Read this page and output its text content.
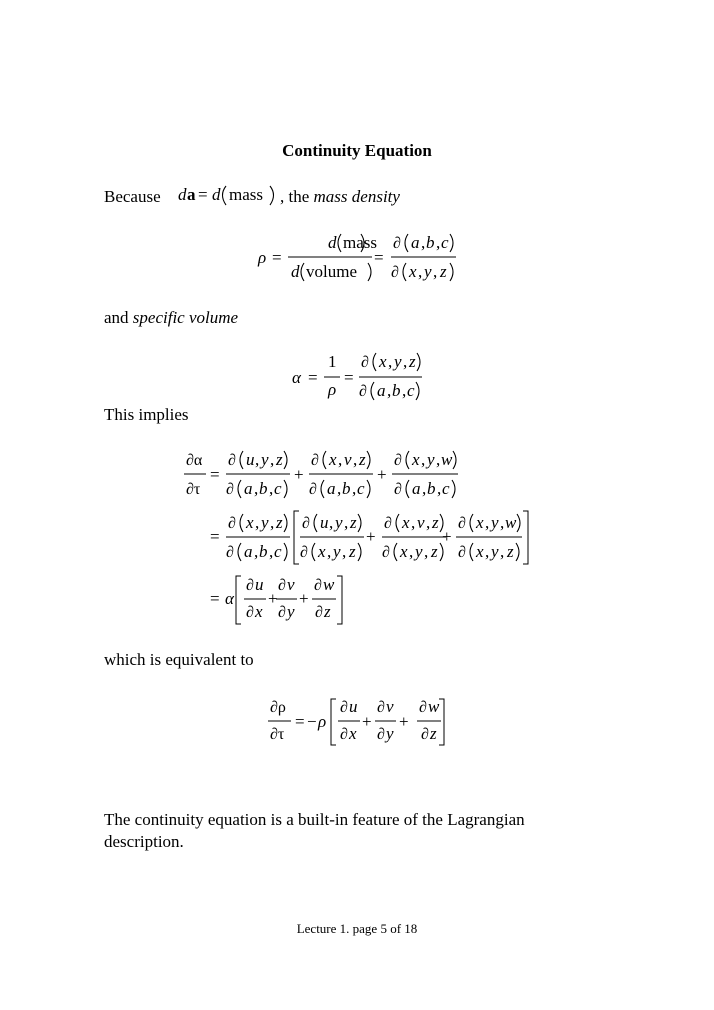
Continuity Equation
Because	, the mass density
and specific volume
This implies
which is equivalent to
The continuity equation is a built-in feature of the Lagrangian
description.
Lecture 1. page 5 of 18
d a = d mass
ρ =
d mass
d volume
=
∂ a , b , c
∂ x , y , z
α =
1
ρ
=
∂ x , y , z
∂ a , b , c
∂α
∂τ
=
∂ u , y , z
∂ a , b , c
+
∂ x , v , z
∂ a , b , c
+
∂ x , y , w
∂ a , b , c
=
∂ x , y , z
∂ a , b , c
∂ u , y , z
∂ x , y , z
+
∂ x , v , z
∂ x , y , z
+
∂ x , y , w
∂ x , y , z
= α
∂ u
∂ x
+
∂ v
∂ y
+
∂ w
∂ z
∂ρ
∂τ
= − ρ
∂ u
∂ x
+
∂ v
∂ y
+
∂ w
∂ z
